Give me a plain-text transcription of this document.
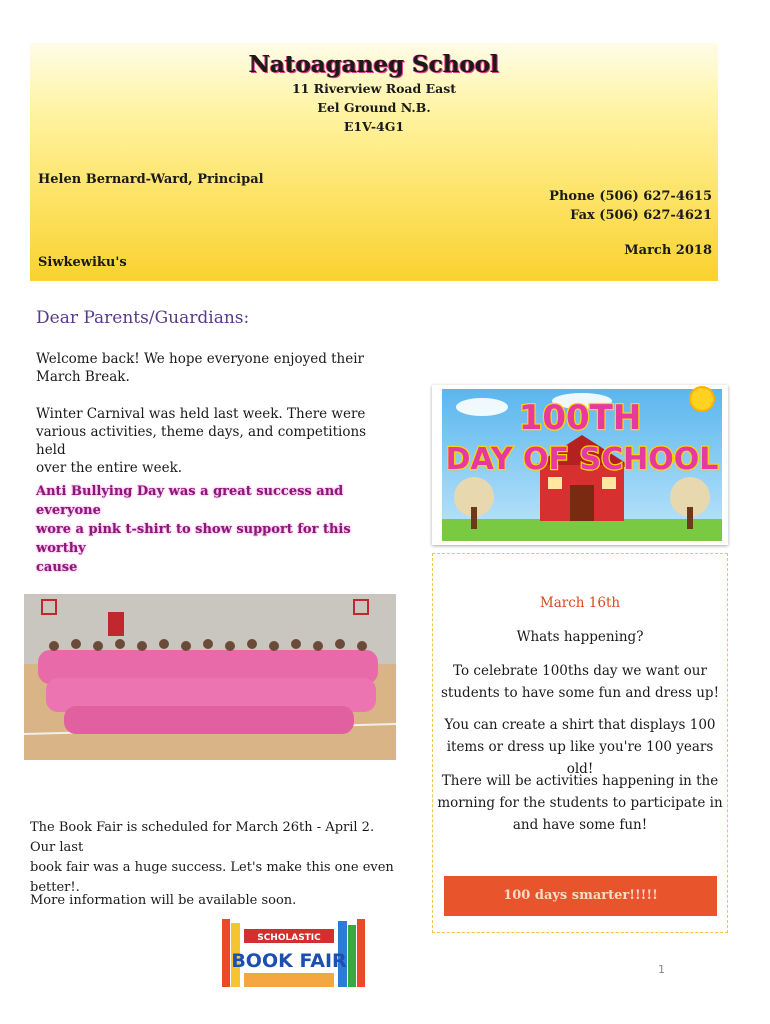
Natoaganeg School
11 Riverview Road East
Eel Ground N.B.
E1V-4G1
Helen Bernard-Ward, Principal
Phone (506) 627-4615
Fax (506) 627-4621
March 2018
Siwkewiku's
Dear Parents/Guardians:
Welcome back! We hope everyone enjoyed their
March Break.
Winter Carnival was held last week. There were
various activities, theme days, and competitions held
over the entire week.
Anti Bullying Day was a great success and everyone
wore a pink t-shirt to show support for this worthy
cause
100TH
DAY OF SCHOOL
March 16th
Whats happening?
To celebrate 100ths day we want our
students to have some fun and dress up!
You can create a shirt that displays 100
items or dress up like you're 100 years old!
There will be activities happening in the
morning for the students to participate in
and have some fun!
100 days smarter!!!!!
The Book Fair is scheduled for March 26th - April 2. Our last
book fair was a huge success. Let's make this one even
better!.
More information will be available soon.
SCHOLASTIC
BOOK FAIR	1
